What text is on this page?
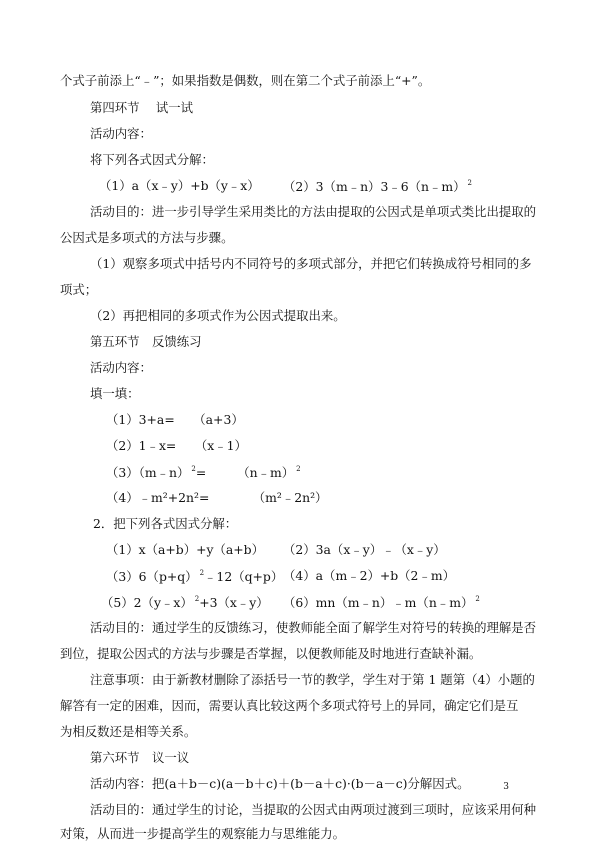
个式子前添上“﹣”；如果指数是偶数，则在第二个式子前添上“+”。
第四环节　 试一试
活动内容：
将下列各式因式分解：
（1）a（x﹣y）+b（y﹣x） （2）3（m﹣n）3﹣6（n﹣m） $^2$
活动目的：进一步引导学生采用类比的方法由提取的公因式是单项式类比出提取的
公因式是多项式的方法与步骤。
（1）观察多项式中括号内不同符号的多项式部分，并把它们转换成符号相同的多
项式；
（2）再把相同的多项式作为公因式提取出来。
第五环节　反馈练习
活动内容：
填一填：
（1）3+a=　　（a+3）
（2）1﹣x=　　（x﹣1）
（3）（m﹣n） $^2$=　　　（n﹣m） $^2$
（4）﹣m²+2n²=　　　　（m²﹣2n²）
2．把下列各式因式分解：
（1）x（a+b）+y（a+b） （2）3a（x﹣y）﹣（x﹣y）
（3）6（p+q） $^2$﹣12（q+p） （4）a（m﹣2）+b（2﹣m）
（5）2（y﹣x） $^2$+3（x﹣y） （6）mn（m﹣n）﹣m（n﹣m） $^2$
活动目的：通过学生的反馈练习，使教师能全面了解学生对符号的转换的理解是否
到位，提取公因式的方法与步骤是否掌握，以便教师能及时地进行查缺补漏。
注意事项：由于新教材删除了添括号一节的教学，学生对于第 1 题第（4）小题的
解答有一定的困难，因而，需要认真比较这两个多项式符号上的异同，确定它们是互
为相反数还是相等关系。
第六环节　议一议
活动内容：把(a＋b－c)(a－b＋c)＋(b－a＋c)·(b－a－c)分解因式。
活动目的：通过学生的讨论，当提取的公因式由两项过渡到三项时，应该采用何种
对策，从而进一步提高学生的观察能力与思维能力。
3
